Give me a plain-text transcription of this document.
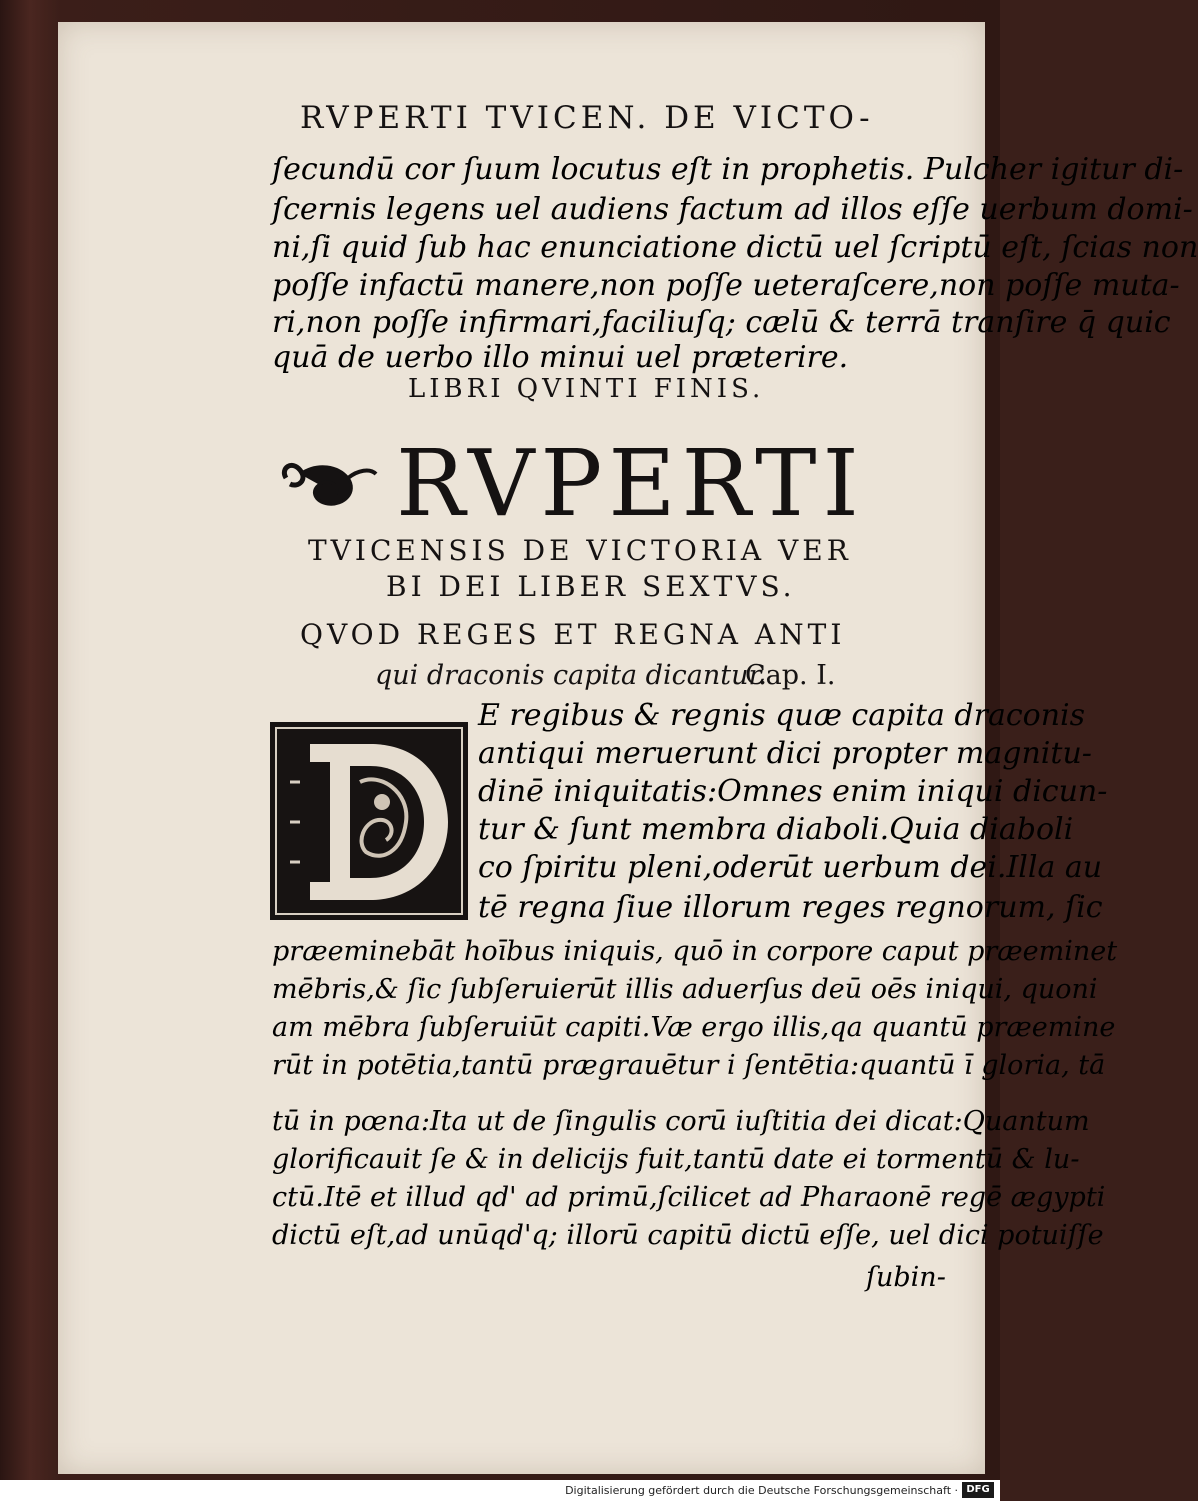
RVPERTI TVICEN. DE VICTO-
ſecundū cor ſuum locutus eſt in prophetis. Pulcher igitur di-
ſcernis legens uel audiens factum ad illos eſſe uerbum domi-
ni,ſi quid ſub hac enunciatione dictū uel ſcriptū eſt, ſcias non
poſſe infactū manere,non poſſe ueteraſcere,non poſſe muta-
ri,non poſſe infirmari,faciliuſq; cælū & terrā tranſire q̄ quic
quā de uerbo illo minui uel præterire.
LIBRI QVINTI FINIS.
RVPERTI
TVICENSIS DE VICTORIA VER
BI DEI LIBER SEXTVS.
QVOD REGES ET REGNA ANTI
qui draconis capita dicantur.
Cap. I.
E regibus & regnis quæ capita draconis
antiqui meruerunt dici propter magnitu-
dinē iniquitatis:Omnes enim iniqui dicun-
tur & ſunt membra diaboli.Quia diaboli
co ſpiritu pleni,oderūt uerbum dei.Illa au
tē regna ſiue illorum reges regnorum, ſic
præeminebāt hoībus iniquis, quō in corpore caput præeminet
mēbris,& ſic ſubſeruierūt illis aduerſus deū oēs iniqui, quoni
am mēbra ſubſeruiūt capiti.Væ ergo illis,qa quantū præemine
rūt in potētia,tantū prægrauētur i ſentētia:quantū ī gloria, tā
tū in pœna:Ita ut de ſingulis corū iuſtitia dei dicat:Quantum
glorificauit ſe & in delicijs fuit,tantū date ei tormentū & lu-
ctū.Itē et illud qd' ad primū,ſcilicet ad Pharaonē regē ægypti
dictū eſt,ad unūqd'q; illorū capitū dictū eſſe, uel dici potuiſſe
ſubin-
Digitalisierung gefördert durch die Deutsche Forschungsgemeinschaft · DFG
